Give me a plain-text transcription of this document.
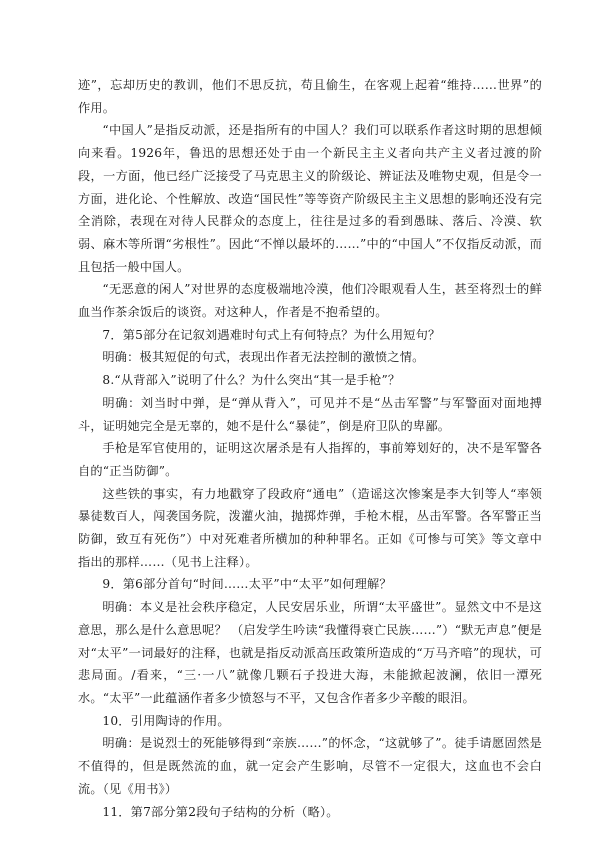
迹”，忘却历史的教训，他们不思反抗，苟且偷生，在客观上起着“维持……世界”的作用。

“中国人”是指反动派，还是指所有的中国人？我们可以联系作者这时期的思想倾向来看。1926年，鲁迅的思想还处于由一个新民主主义者向共产主义者过渡的阶段，一方面，他已经广泛接受了马克思主义的阶级论、辨证法及唯物史观，但是令一方面，进化论、个性解放、改造“国民性”等等资产阶级民主主义思想的影响还没有完全消除，表现在对待人民群众的态度上，往往是过多的看到愚昧、落后、冷漠、软弱、麻木等所谓“劣根性”。因此“不惮以最坏的……”中的“中国人”不仅指反动派，而且包括一般中国人。

“无恶意的闲人”对世界的态度极端地冷漠，他们冷眼观看人生，甚至将烈士的鲜血当作茶余饭后的谈资。对这种人，作者是不抱希望的。

7．第5部分在记叙刘遇难时句式上有何特点？为什么用短句？

明确：极其短促的句式，表现出作者无法控制的激愤之情。

8.“从背部入”说明了什么？为什么突出“其一是手枪”？

明确：刘当时中弹，是“弹从背入”，可见并不是“丛击军警”与军警面对面地搏斗，证明她完全是无辜的，她不是什么“暴徒”，倒是府卫队的卑鄙。

手枪是军官使用的，证明这次屠杀是有人指挥的，事前筹划好的，决不是军警各自的“正当防御”。

这些铁的事实，有力地戳穿了段政府“通电”（造谣这次惨案是李大钊等人“率领暴徒数百人，闯袭国务院，泼灌火油，抛掷炸弹，手枪木棍，丛击军警。各军警正当防御，致互有死伤”）中对死难者所横加的种种罪名。正如《可惨与可笑》等文章中指出的那样……（见书上注释）。

9．第6部分首句“时间……太平”中“太平”如何理解？

明确：本义是社会秩序稳定，人民安居乐业，所谓“太平盛世”。显然文中不是这意思，那么是什么意思呢？ （启发学生吟读“我懂得衰亡民族……”）“默无声息”便是对“太平”一词最好的注释，也就是指反动派高压政策所造成的“万马齐喑”的现状，可悲局面。/看来，“三·一八”就像几颗石子投进大海，未能掀起波澜，依旧一潭死水。“太平”一此蕴涵作者多少愤怒与不平，又包含作者多少辛酸的眼泪。

10．引用陶诗的作用。

明确：是说烈士的死能够得到“亲族……”的怀念，“这就够了”。徒手请愿固然是不值得的，但是既然流的血，就一定会产生影响，尽管不一定很大，这血也不会白流。（见《用书》）

11．第7部分第2段句子结构的分析（略）。
